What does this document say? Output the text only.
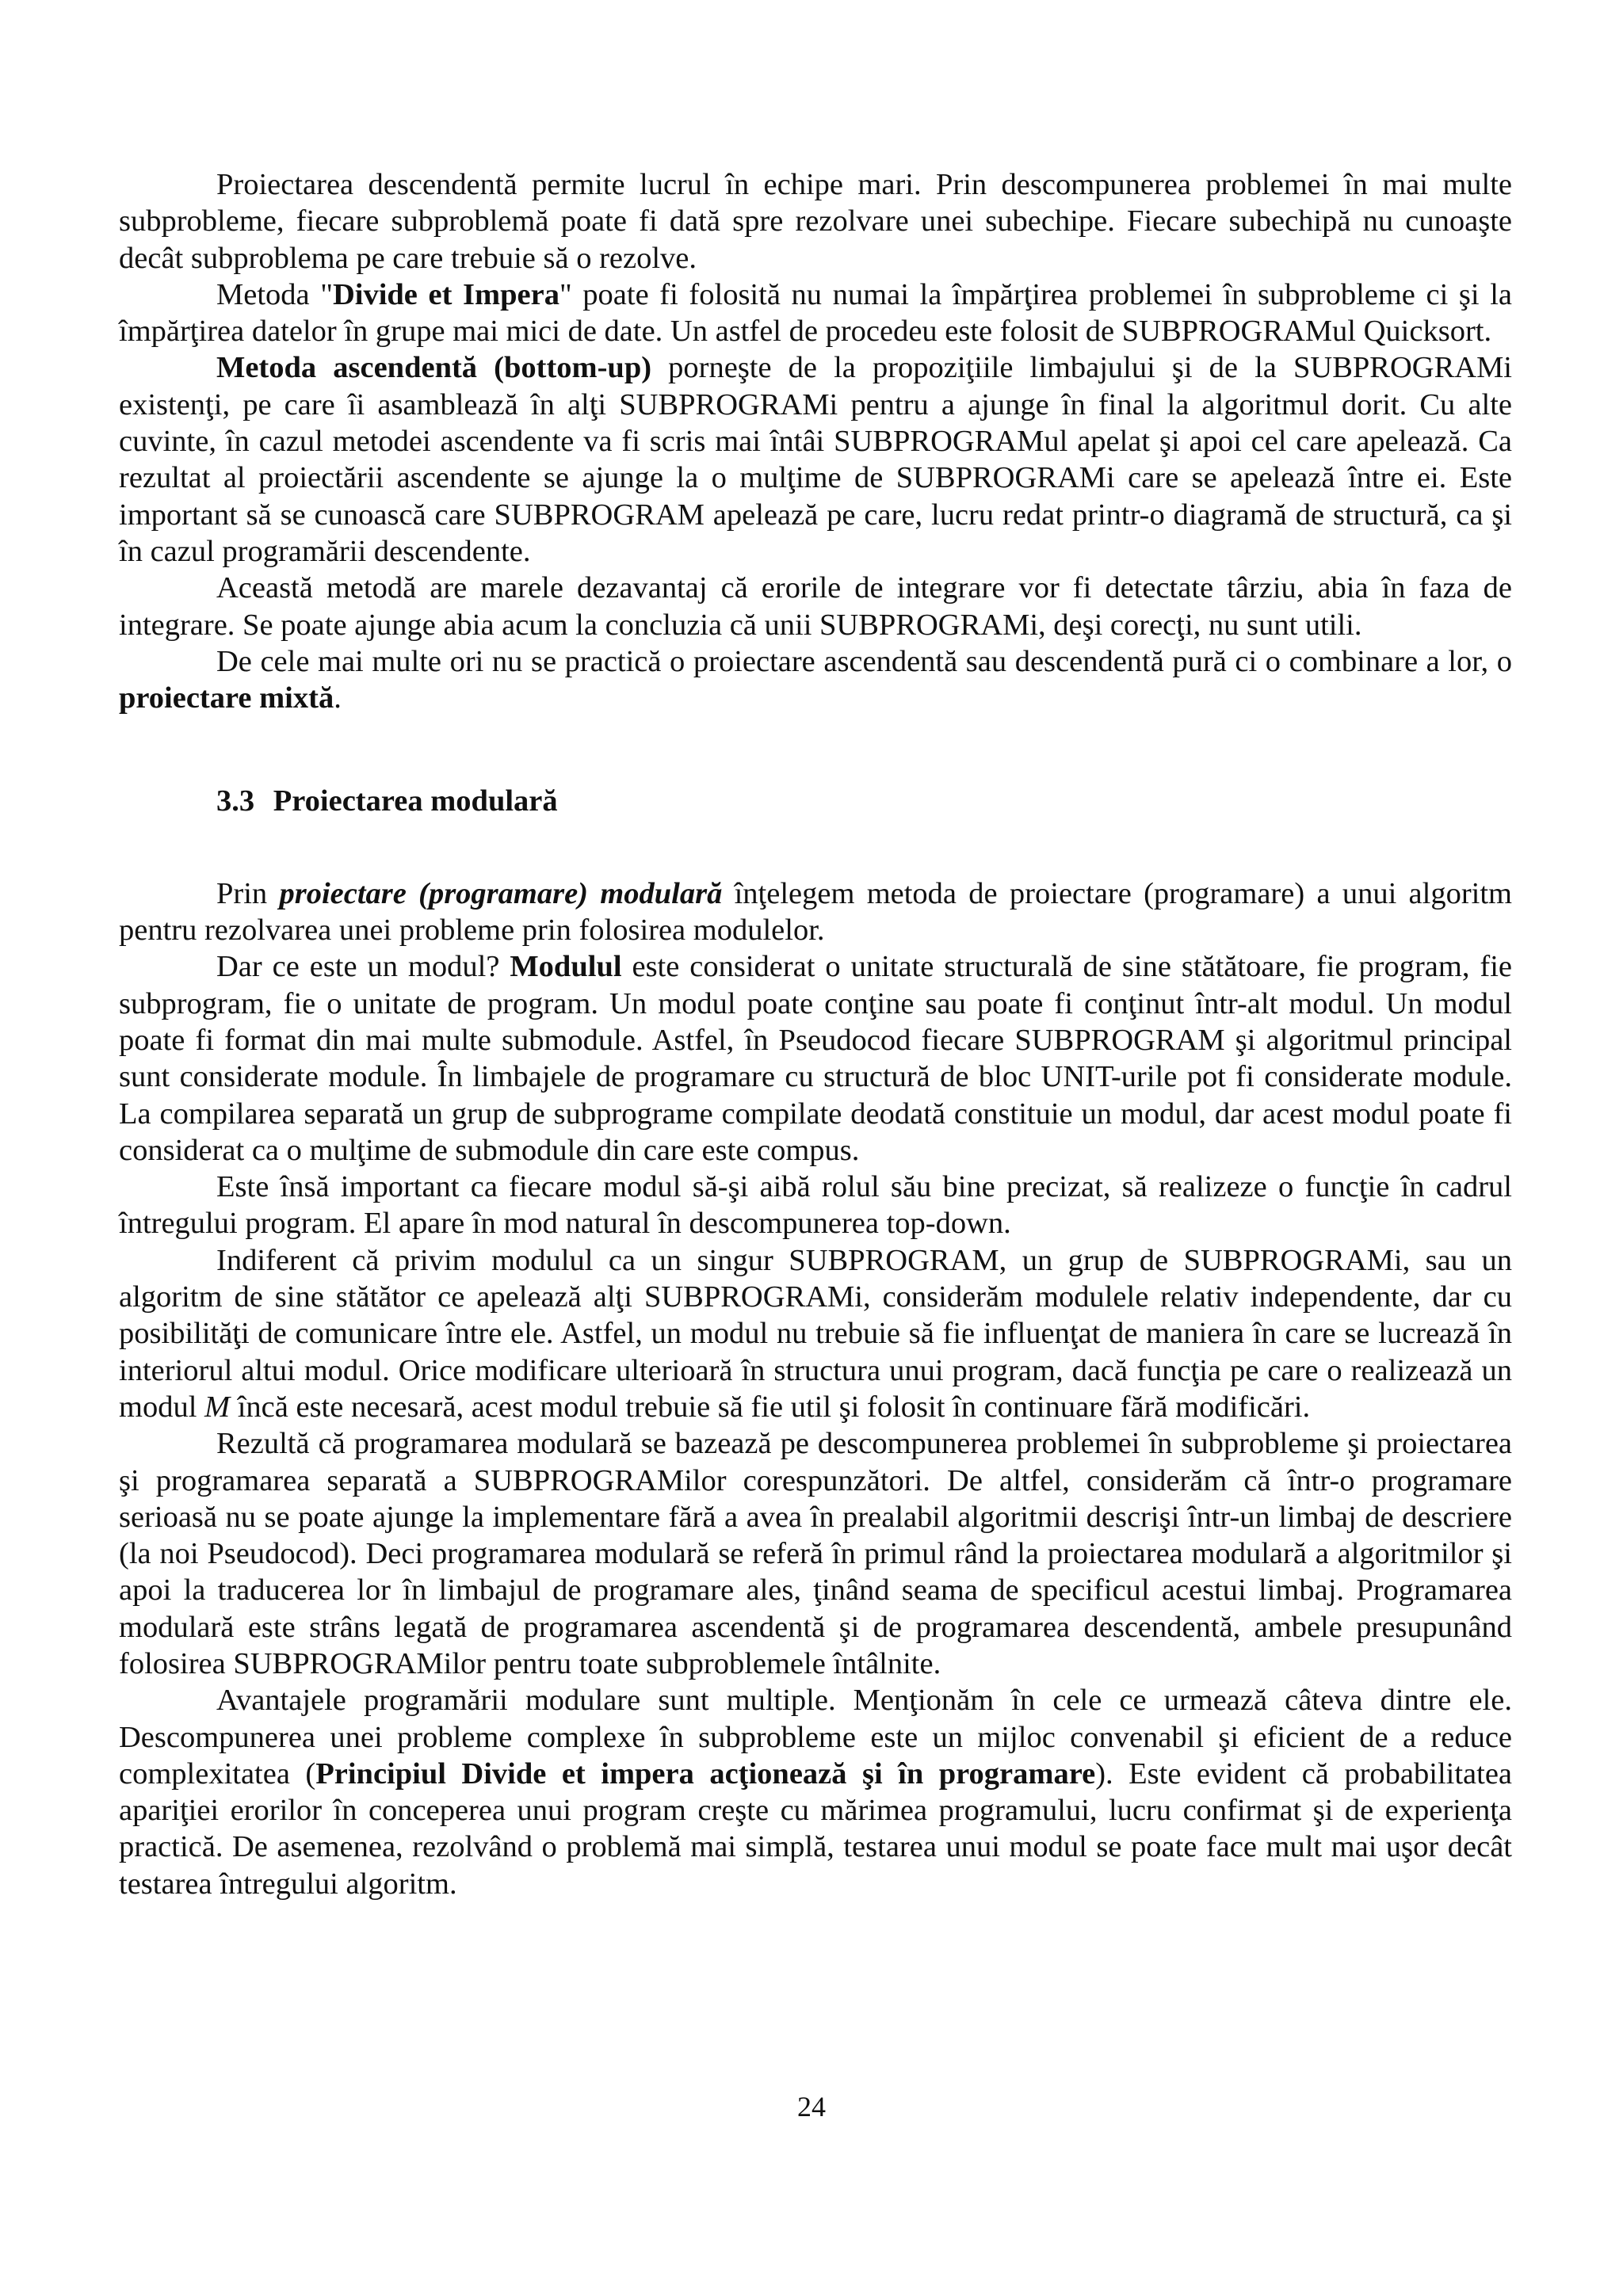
Proiectarea descendentă permite lucrul în echipe mari. Prin descompunerea problemei în mai multe subprobleme, fiecare subproblemă poate fi dată spre rezolvare unei subechipe. Fiecare subechipă nu cunoaşte decât subproblema pe care trebuie să o rezolve.

Metoda "Divide et Impera" poate fi folosită nu numai la împărţirea problemei în subprobleme ci şi la împărţirea datelor în grupe mai mici de date. Un astfel de procedeu este folosit de SUBPROGRAMul Quicksort.

Metoda ascendentă (bottom-up) porneşte de la propoziţiile limbajului şi de la SUBPROGRAMi existenţi, pe care îi asamblează în alţi SUBPROGRAMi pentru a ajunge în final la algoritmul dorit. Cu alte cuvinte, în cazul metodei ascendente va fi scris mai întâi SUBPROGRAMul apelat şi apoi cel care apelează. Ca rezultat al proiectării ascendente se ajunge la o mulţime de SUBPROGRAMi care se apelează între ei. Este important să se cunoască care SUBPROGRAM apelează pe care, lucru redat printr-o diagramă de structură, ca şi în cazul programării descendente.

Această metodă are marele dezavantaj că erorile de integrare vor fi detectate târziu, abia în faza de integrare. Se poate ajunge abia acum la concluzia că unii SUBPROGRAMi, deşi corecţi, nu sunt utili.

De cele mai multe ori nu se practică o proiectare ascendentă sau descendentă pură ci o combinare a lor, o proiectare mixtă.

3.3 Proiectarea modulară

Prin proiectare (programare) modulară înţelegem metoda de proiectare (programare) a unui algoritm pentru rezolvarea unei probleme prin folosirea modulelor.

Dar ce este un modul? Modulul este considerat o unitate structurală de sine stătătoare, fie program, fie subprogram, fie o unitate de program. Un modul poate conţine sau poate fi conţinut într-alt modul. Un modul poate fi format din mai multe submodule. Astfel, în Pseudocod fiecare SUBPROGRAM şi algoritmul principal sunt considerate module. În limbajele de programare cu structură de bloc UNIT-urile pot fi considerate module. La compilarea separată un grup de subprograme compilate deodată constituie un modul, dar acest modul poate fi considerat ca o mulţime de submodule din care este compus.

Este însă important ca fiecare modul să-şi aibă rolul său bine precizat, să realizeze o funcţie în cadrul întregului program. El apare în mod natural în descompunerea top-down.

Indiferent că privim modulul ca un singur SUBPROGRAM, un grup de SUBPROGRAMi, sau un algoritm de sine stătător ce apelează alţi SUBPROGRAMi, considerăm modulele relativ independente, dar cu posibilităţi de comunicare între ele. Astfel, un modul nu trebuie să fie influenţat de maniera în care se lucrează în interiorul altui modul. Orice modificare ulterioară în structura unui program, dacă funcţia pe care o realizează un modul M încă este necesară, acest modul trebuie să fie util şi folosit în continuare fără modificări.

Rezultă că programarea modulară se bazează pe descompunerea problemei în subprobleme şi proiectarea şi programarea separată a SUBPROGRAMilor corespunzători. De altfel, considerăm că într-o programare serioasă nu se poate ajunge la implementare fără a avea în prealabil algoritmii descrişi într-un limbaj de descriere (la noi Pseudocod). Deci programarea modulară se referă în primul rând la proiectarea modulară a algoritmilor şi apoi la traducerea lor în limbajul de programare ales, ţinând seama de specificul acestui limbaj. Programarea modulară este strâns legată de programarea ascendentă şi de programarea descendentă, ambele presupunând folosirea SUBPROGRAMilor pentru toate subproblemele întâlnite.

Avantajele programării modulare sunt multiple. Menţionăm în cele ce urmează câteva dintre ele. Descompunerea unei probleme complexe în subprobleme este un mijloc convenabil şi eficient de a reduce complexitatea (Principiul Divide et impera acţionează şi în programare). Este evident că probabilitatea apariţiei erorilor în conceperea unui program creşte cu mărimea programului, lucru confirmat şi de experienţa practică. De asemenea, rezolvând o problemă mai simplă, testarea unui modul se poate face mult mai uşor decât testarea întregului algoritm.

24
